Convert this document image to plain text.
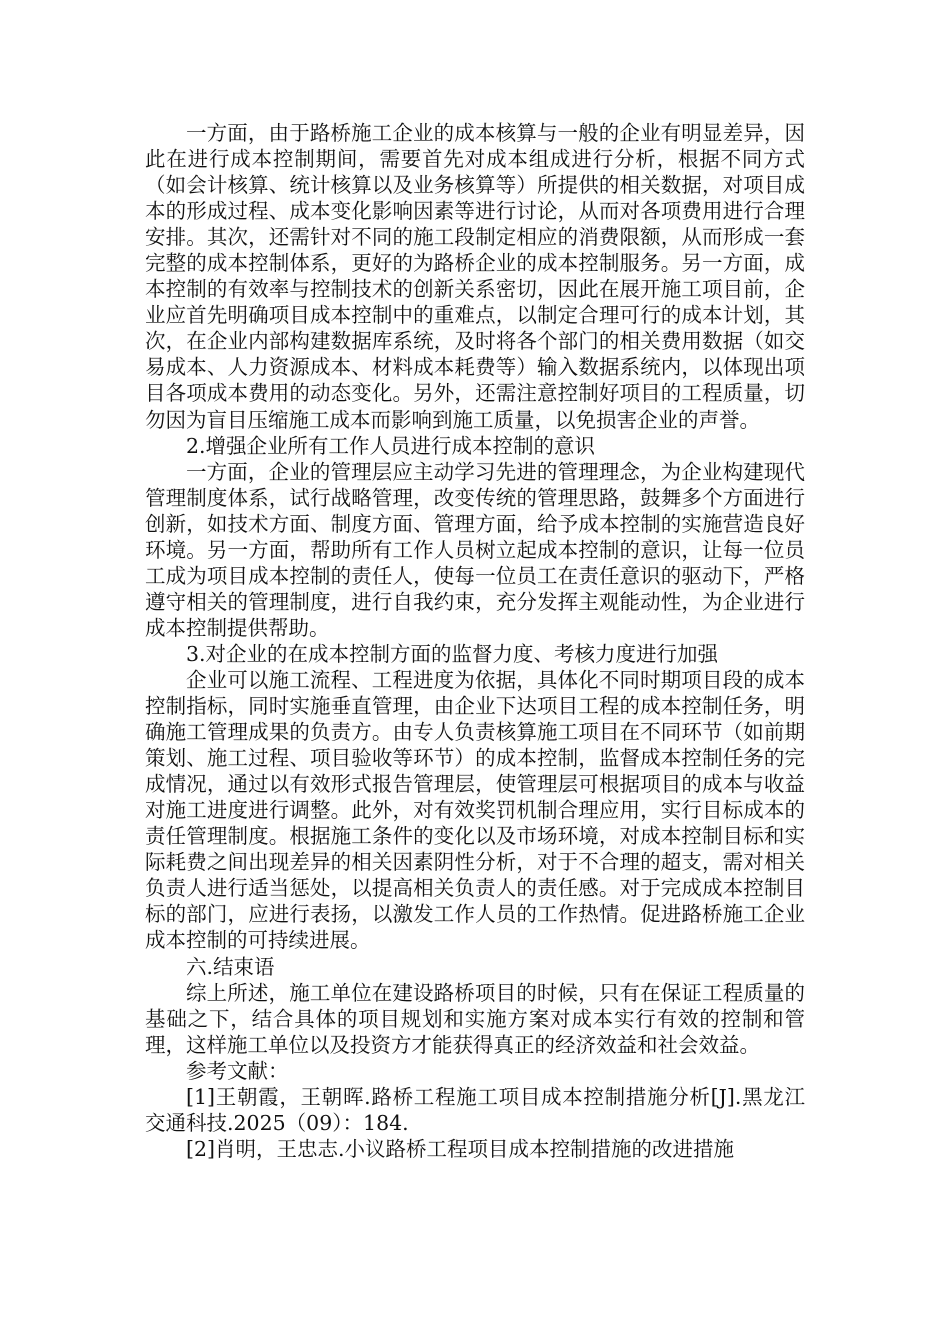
一方面，由于路桥施工企业的成本核算与一般的企业有明显差异，因此在进行成本控制期间，需要首先对成本组成进行分析，根据不同方式（如会计核算、统计核算以及业务核算等）所提供的相关数据，对项目成本的形成过程、成本变化影响因素等进行讨论，从而对各项费用进行合理安排。其次，还需针对不同的施工段制定相应的消费限额，从而形成一套完整的成本控制体系，更好的为路桥企业的成本控制服务。另一方面，成本控制的有效率与控制技术的创新关系密切，因此在展开施工项目前，企业应首先明确项目成本控制中的重难点，以制定合理可行的成本计划，其次，在企业内部构建数据库系统，及时将各个部门的相关费用数据（如交易成本、人力资源成本、材料成本耗费等）输入数据系统内，以体现出项目各项成本费用的动态变化。另外，还需注意控制好项目的工程质量，切勿因为盲目压缩施工成本而影响到施工质量，以免损害企业的声誉。

2.增强企业所有工作人员进行成本控制的意识

一方面，企业的管理层应主动学习先进的管理理念，为企业构建现代管理制度体系，试行战略管理，改变传统的管理思路，鼓舞多个方面进行创新，如技术方面、制度方面、管理方面，给予成本控制的实施营造良好环境。另一方面，帮助所有工作人员树立起成本控制的意识，让每一位员工成为项目成本控制的责任人，使每一位员工在责任意识的驱动下，严格遵守相关的管理制度，进行自我约束，充分发挥主观能动性，为企业进行成本控制提供帮助。

3.对企业的在成本控制方面的监督力度、考核力度进行加强

企业可以施工流程、工程进度为依据，具体化不同时期项目段的成本控制指标，同时实施垂直管理，由企业下达项目工程的成本控制任务，明确施工管理成果的负责方。由专人负责核算施工项目在不同环节（如前期策划、施工过程、项目验收等环节）的成本控制，监督成本控制任务的完成情况，通过以有效形式报告管理层，使管理层可根据项目的成本与收益对施工进度进行调整。此外，对有效奖罚机制合理应用，实行目标成本的责任管理制度。根据施工条件的变化以及市场环境，对成本控制目标和实际耗费之间出现差异的相关因素阴性分析，对于不合理的超支，需对相关负责人进行适当惩处，以提高相关负责人的责任感。对于完成成本控制目标的部门，应进行表扬，以激发工作人员的工作热情。促进路桥施工企业成本控制的可持续进展。

六.结束语

综上所述，施工单位在建设路桥项目的时候，只有在保证工程质量的基础之下，结合具体的项目规划和实施方案对成本实行有效的控制和管理，这样施工单位以及投资方才能获得真正的经济效益和社会效益。

参考文献：

[1]王朝霞，王朝晖.路桥工程施工项目成本控制措施分析[J].黑龙江交通科技.2025（09）：184.

[2]肖明，王忠志.小议路桥工程项目成本控制措施的改进措施
